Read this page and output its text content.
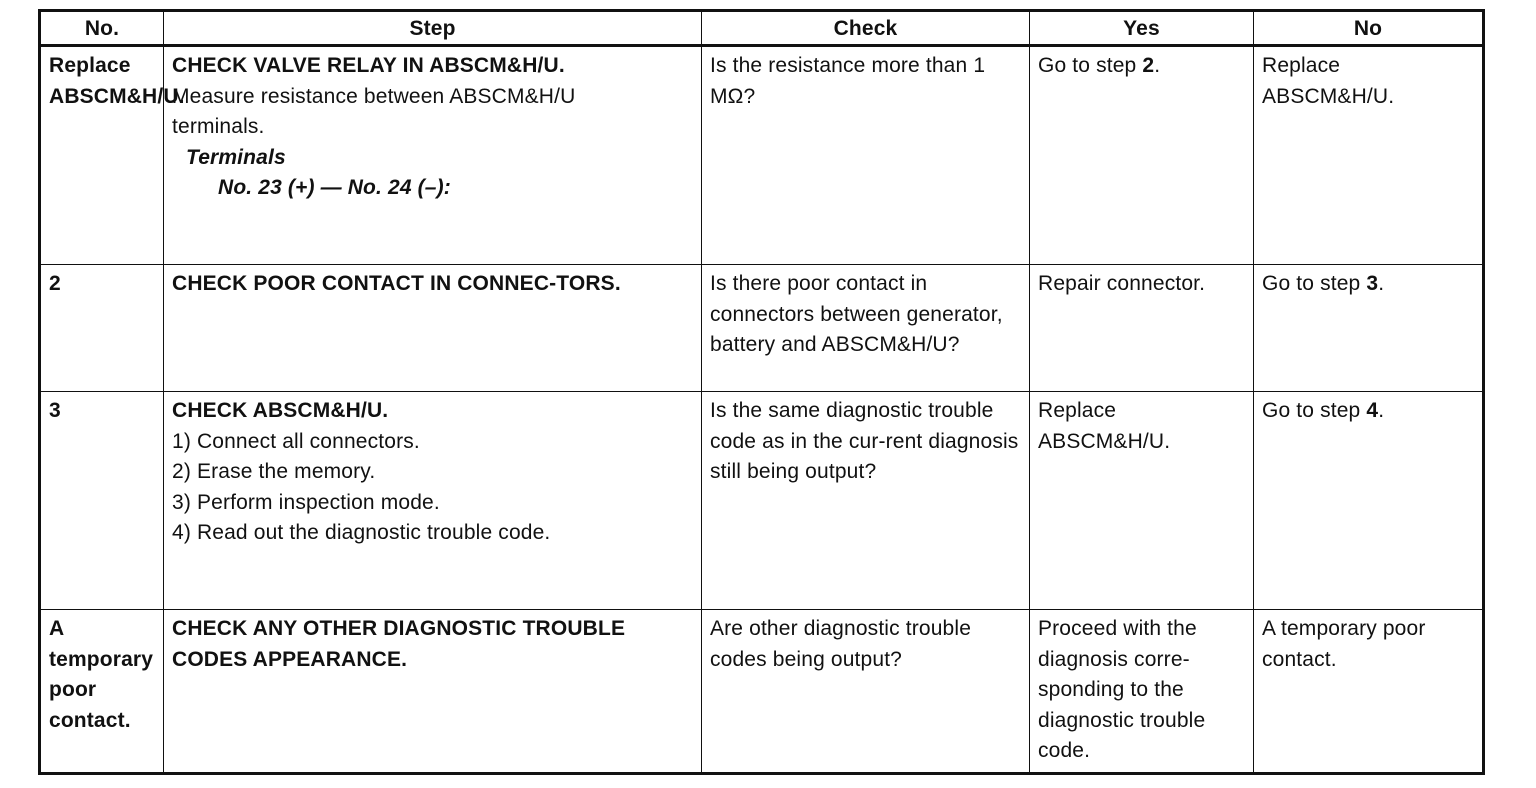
No.	Step	Check	Yes	No
Replace ABSCM&H/U.	CHECK VALVE RELAY IN ABSCM&H/U.
Measure resistance between ABSCM&H/U
terminals.
Terminals
No. 23 (+) — No. 24 (–):	Is the resistance more than 1 MΩ?	Go to step 2.	Replace ABSCM&H/U.
2	CHECK POOR CONTACT IN CONNEC-TORS.	Is there poor contact in connectors between generator, battery and ABSCM&H/U?	Repair connector.	Go to step 3.
3	CHECK ABSCM&H/U.
1) Connect all connectors.
2) Erase the memory.
3) Perform inspection mode.
4) Read out the diagnostic trouble code.	Is the same diagnostic trouble code as in the cur-rent diagnosis still being output?	Replace ABSCM&H/U.	Go to step 4.
A temporary poor contact.	CHECK ANY OTHER DIAGNOSTIC TROUBLE CODES APPEARANCE.	Are other diagnostic trouble codes being output?	Proceed with the diagnosis corre-sponding to the diagnostic trouble code.	A temporary poor contact.
